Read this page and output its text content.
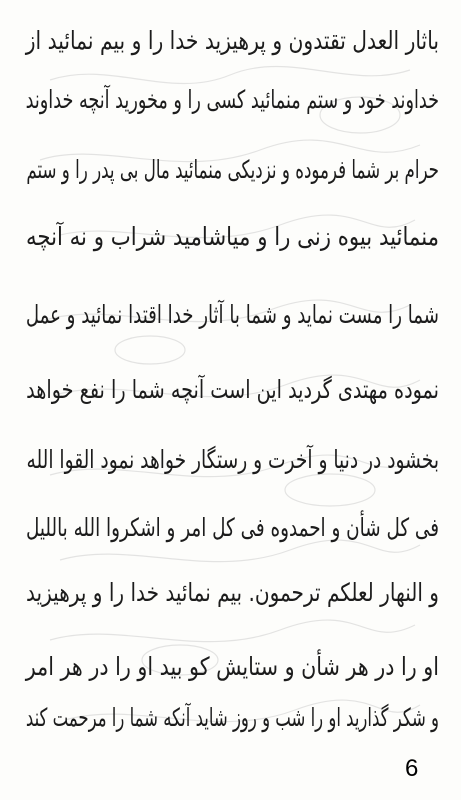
باثار العدل تقتدون و پرهیزید خدا را و بیم نمائید از
خداوند خود و ستم منمائید کسی را و مخورید آنچه خداوند
حرام بر شما فرموده و نزدیکی منمائید مال بی پدر را و ستم
منمائید بیوه زنی را و میاشامید شراب و نه آنچه
شما را مست نماید و شما با آثار خدا اقتدا نمائید و عمل
نموده مهتدی گردید این است آنچه شما را نفع خواهد
بخشود در دنیا و آخرت و رستگار خواهد نمود القوا الله
فی کل شأن و احمدوه فی کل امر و اشکروا الله بالليل
و النهار لعلکم ترحمون. بیم نمائید خدا را و پرهیزید
او را در هر شأن و ستایش کو بید او را در هر امر
و شکر گذارید او را شب و روز شاید آنکه شما را مرحمت کند
6
